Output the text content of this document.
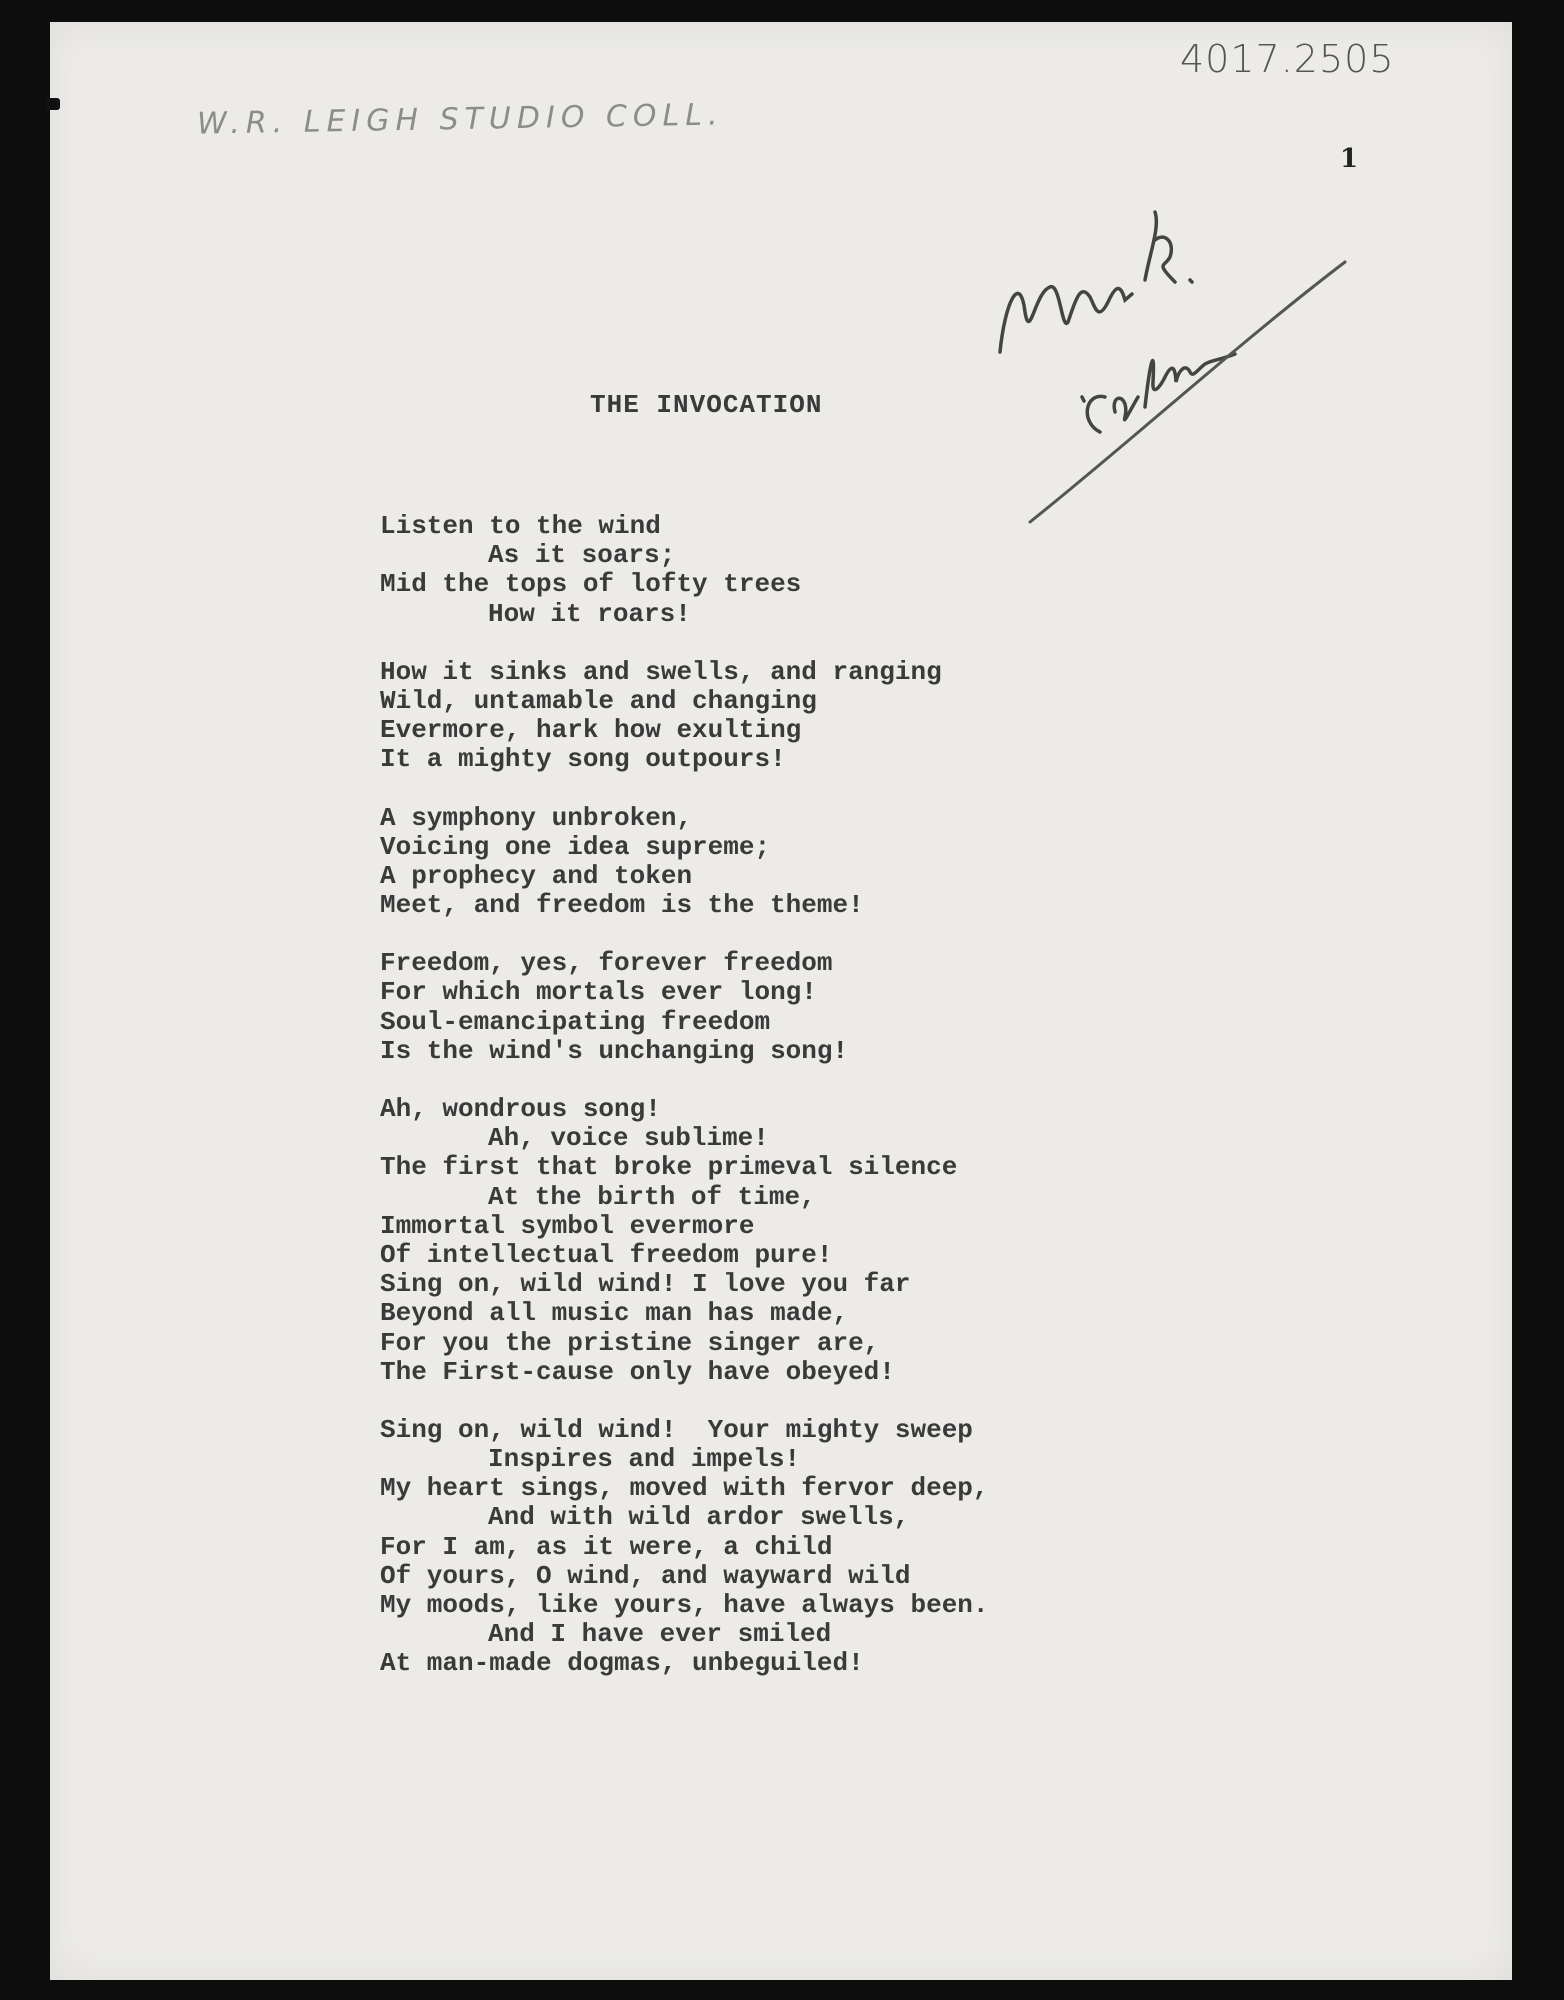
W.R. LEIGH STUDIO COLL.
4017.2505
1
THE INVOCATION
Listen to the wind
As it soars;
Mid the tops of lofty trees
How it roars!
How it sinks and swells, and ranging
Wild, untamable and changing
Evermore, hark how exulting
It a mighty song outpours!
A symphony unbroken,
Voicing one idea supreme;
A prophecy and token
Meet, and freedom is the theme!
Freedom, yes, forever freedom
For which mortals ever long!
Soul-emancipating freedom
Is the wind's unchanging song!
Ah, wondrous song!
Ah, voice sublime!
The first that broke primeval silence
At the birth of time,
Immortal symbol evermore
Of intellectual freedom pure!
Sing on, wild wind! I love you far
Beyond all music man has made,
For you the pristine singer are,
The First-cause only have obeyed!
Sing on, wild wind!  Your mighty sweep
Inspires and impels!
My heart sings, moved with fervor deep,
And with wild ardor swells,
For I am, as it were, a child
Of yours, O wind, and wayward wild
My moods, like yours, have always been.
And I have ever smiled
At man-made dogmas, unbeguiled!
